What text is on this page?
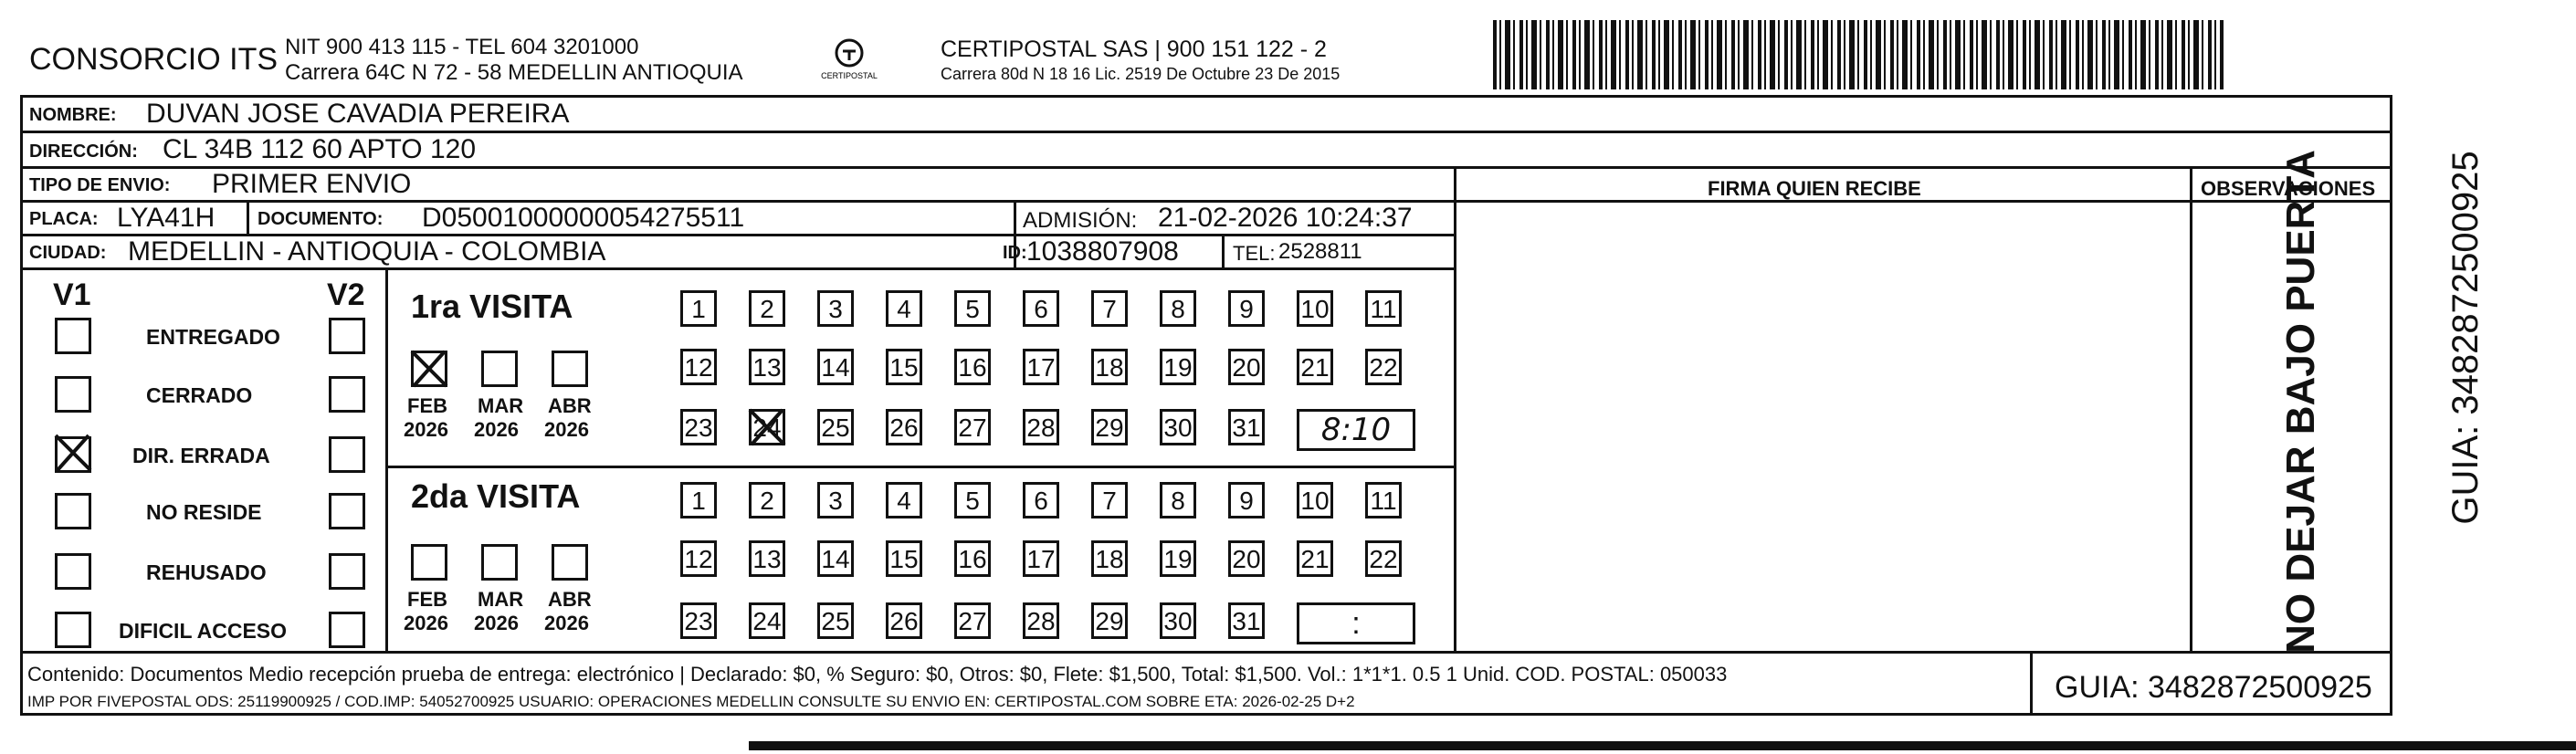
CONSORCIO ITS NIT 900 413 115 - TEL 604 3201000
Carrera 64C N 72 - 58 MEDELLIN ANTIOQUIA	CERTIPOSTAL
CERTIPOSTAL SAS | 900 151 122 - 2
Carrera 80d N 18 16 Lic. 2519 De Octubre 23 De 2015
NOMBRE: DUVAN JOSE CAVADIA PEREIRA
DIRECCIÓN: CL 34B 112 60 APTO 120
TIPO DE ENVIO: PRIMER ENVIO
PLACA: LYA41H DOCUMENTO: D05001000000054275511	ADMISIÓN: 21-02-2026 10:24:37
CIUDAD: MEDELLIN - ANTIOQUIA - COLOMBIA	ID: 1038807908	TEL: 2528811
V1	V2
ENTREGADO
CERRADO
DIR. ERRADA
NO RESIDE
REHUSADO
DIFICIL ACCESO
1ra VISITA
2da VISITA
FEB
2026
MAR
2026
ABR
2026
FEB
2026
MAR
2026
ABR
2026
1	2	3	4	5	6	7	8	9	10 11
12 13 14 15 16 17 18 19 20 21 22
23 24 25 26 27 28 29 30 31	8:10
1	2	3	4	5	6	7	8	9	10 11
12 13 14 15 16 17 18 19 20 21 22
23 24 25 26 27 28 29 30 31	:
FIRMA QUIEN RECIBE	OBSERVACIONES
NO DEJAR BAJO PUERTA	GUIA: 3482872500925
Contenido: Documentos Medio recepción prueba de entrega: electrónico | Declarado: $0, % Seguro: $0, Otros: $0, Flete: $1,500, Total: $1,500. Vol.: 1*1*1. 0.5 1 Unid. COD. POSTAL: 050033
IMP POR FIVEPOSTAL ODS: 25119900925 / COD.IMP: 54052700925 USUARIO: OPERACIONES MEDELLIN CONSULTE SU ENVIO EN: CERTIPOSTAL.COM SOBRE ETA: 2026-02-25 D+2	GUIA: 3482872500925
